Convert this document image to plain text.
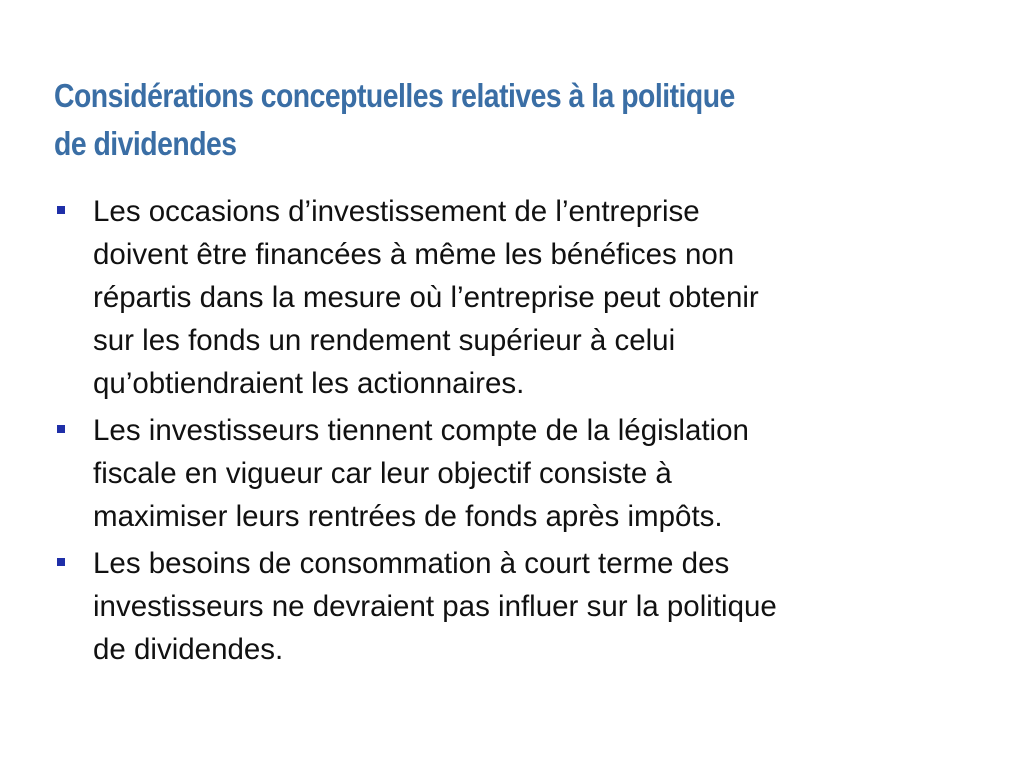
Considérations conceptuelles relatives à la politique
de dividendes
Les occasions d’investissement de l’entreprise
doivent être financées à même les bénéfices non
répartis dans la mesure où l’entreprise peut obtenir
sur les fonds un rendement supérieur à celui
qu’obtiendraient les actionnaires.
Les investisseurs tiennent compte de la législation
fiscale en vigueur car leur objectif consiste à
maximiser leurs rentrées de fonds après impôts.
Les besoins de consommation à court terme des
investisseurs ne devraient pas influer sur la politique
de dividendes.
